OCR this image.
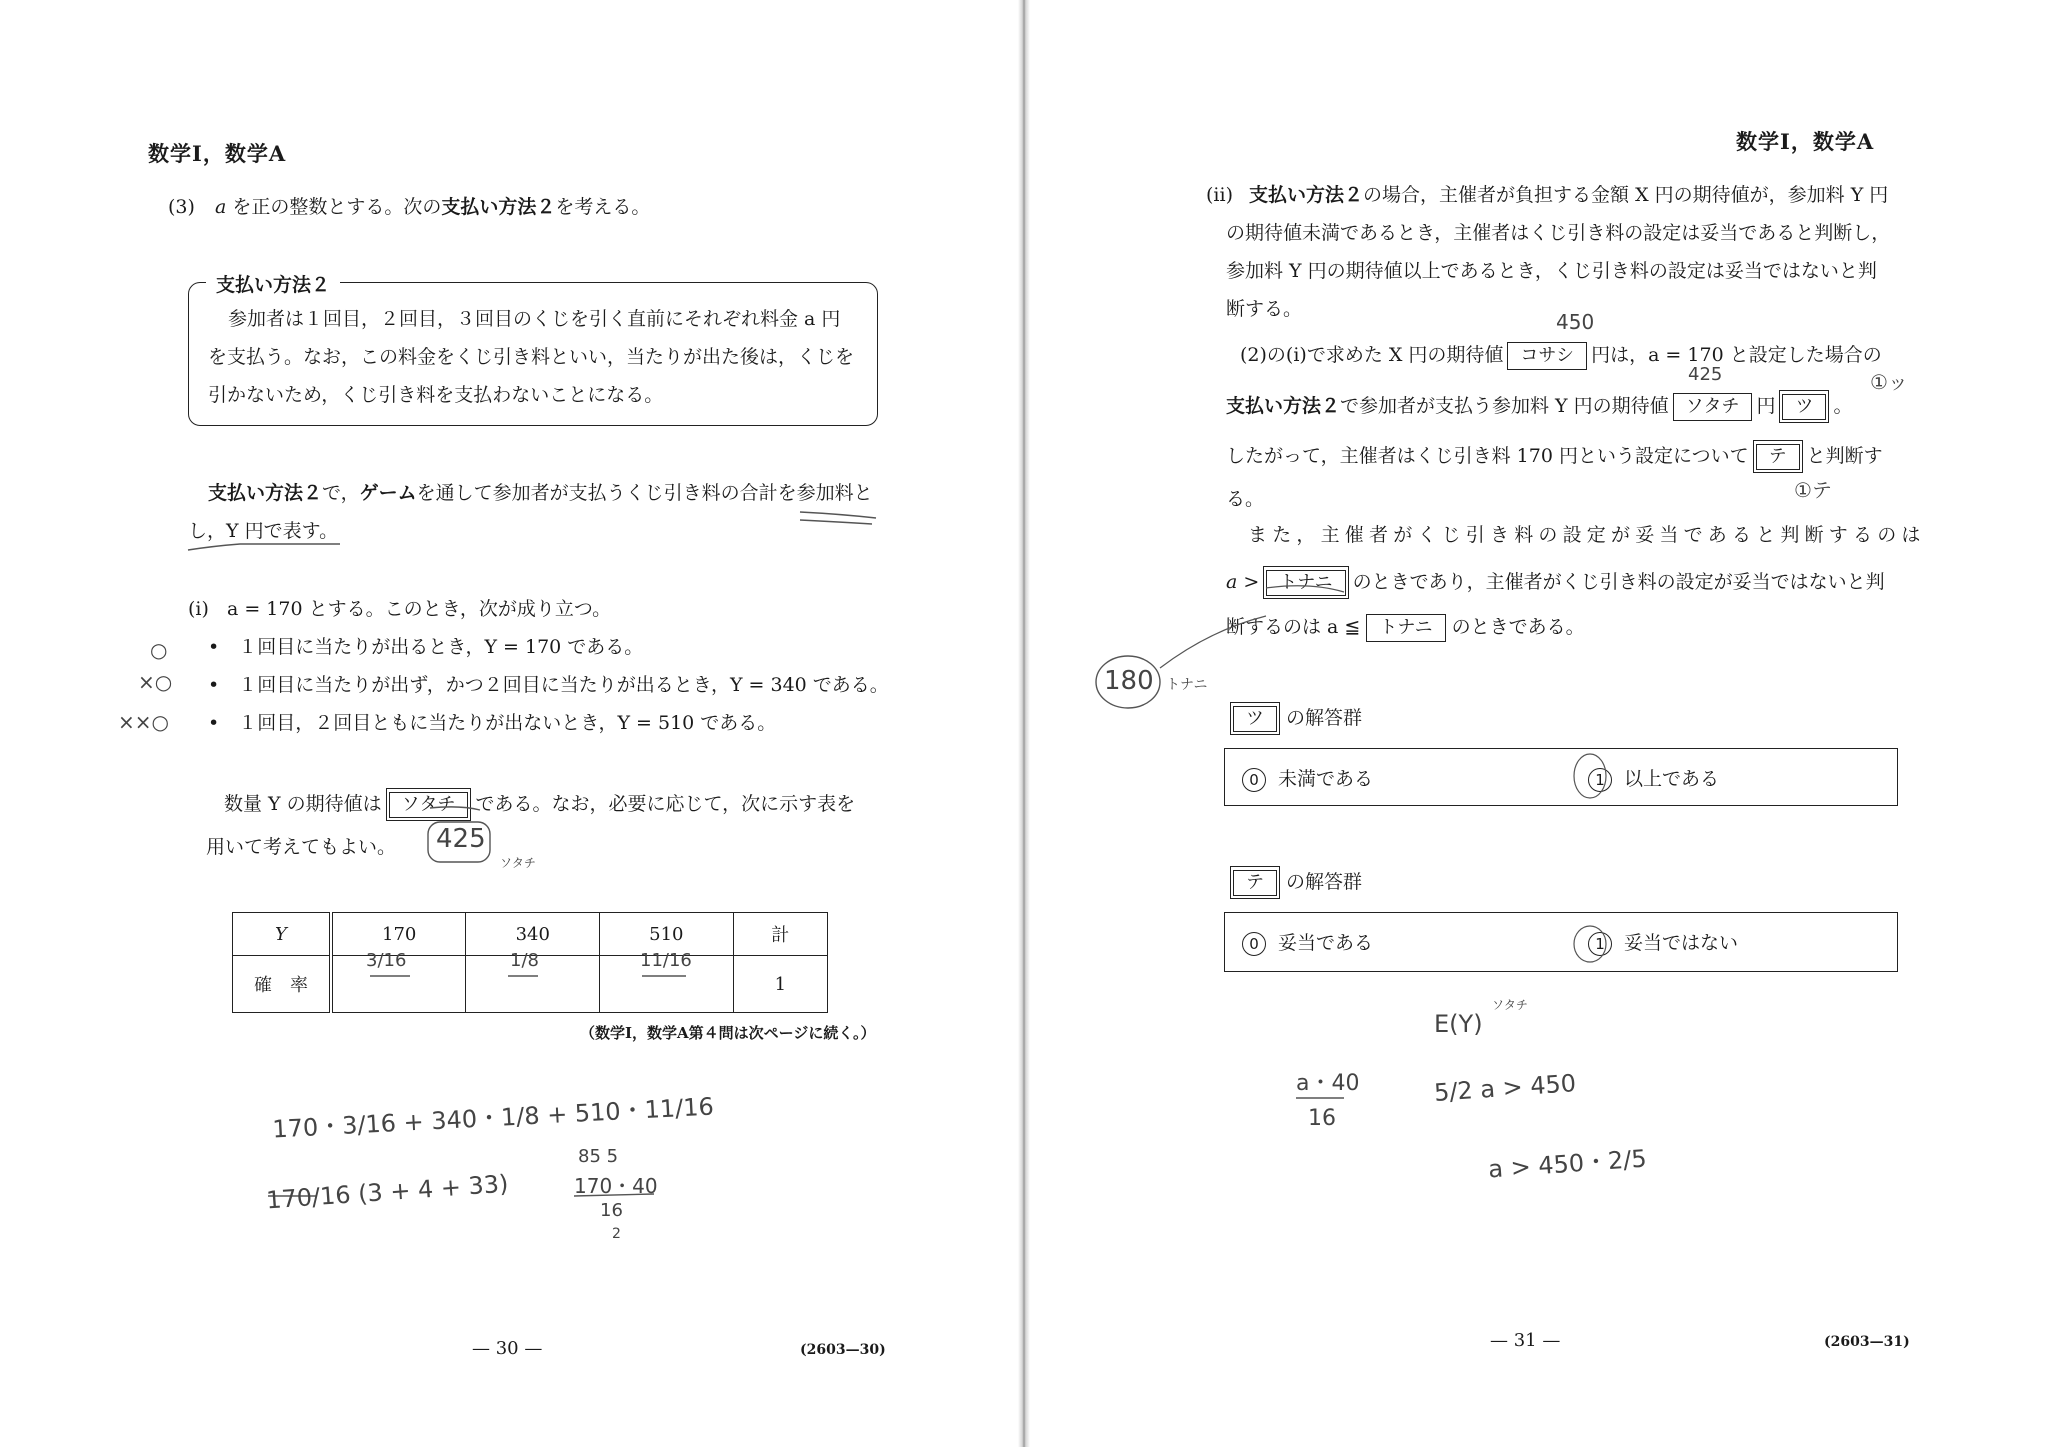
数学Ⅰ，数学A
(3) a を正の整数とする。次の支払い方法２を考える。
支払い方法２
参加者は１回目，２回目，３回目のくじを引く直前にそれぞれ料金 a 円
を支払う。なお，この料金をくじ引き料といい，当たりが出た後は，くじを
引かないため，くじ引き料を支払わないことになる。
支払い方法２で，ゲームを通して参加者が支払うくじ引き料の合計を参加料と
し，Y 円で表す。
(i) a = 170 とする。このとき，次が成り立つ。
•　１回目に当たりが出るとき，Y = 170 である。
•　１回目に当たりが出ず，かつ２回目に当たりが出るとき，Y = 340 である。
•　１回目，２回目ともに当たりが出ないとき，Y = 510 である。
数量 Y の期待値は ソタチ である。なお，必要に応じて，次に示す表を
用いて考えてもよい。
Y	170	340	510	計
確　率				1
（数学Ⅰ，数学A第４問は次ページに続く。）
— 30 —	(2603—30)
425
ソタチ
○
×○
××○
3/16	1/8	11/16
170・3/16 + 340・1/8 + 510・11/16
170/16 (3 + 4 + 33)
85 5
170・40
16
2
数学Ⅰ，数学A
(ii) 支払い方法２の場合，主催者が負担する金額 X 円の期待値が，参加料 Y 円
の期待値未満であるとき，主催者はくじ引き料の設定は妥当であると判断し，
参加料 Y 円の期待値以上であるとき，くじ引き料の設定は妥当ではないと判
断する。
(2)の(i)で求めた X 円の期待値 コサシ 円は，a = 170 と設定した場合の
支払い方法２で参加者が支払う参加料 Y 円の期待値 ソタチ 円 ツ 。
したがって，主催者はくじ引き料 170 円という設定について テ と判断す
る。
また，主催者がくじ引き料の設定が妥当であると判断するのは
a > トナニ のときであり，主催者がくじ引き料の設定が妥当ではないと判
断するのは a ≦ トナニ のときである。
ツ の解答群
0 未満である	1 以上である
テ の解答群
0 妥当である	1 妥当ではない
— 31 —	(2603—31)
450
425	①ッ
①テ
180 トナニ
E(Y)
ソタチ
a・40
16
5/2 a > 450
a > 450・2/5
